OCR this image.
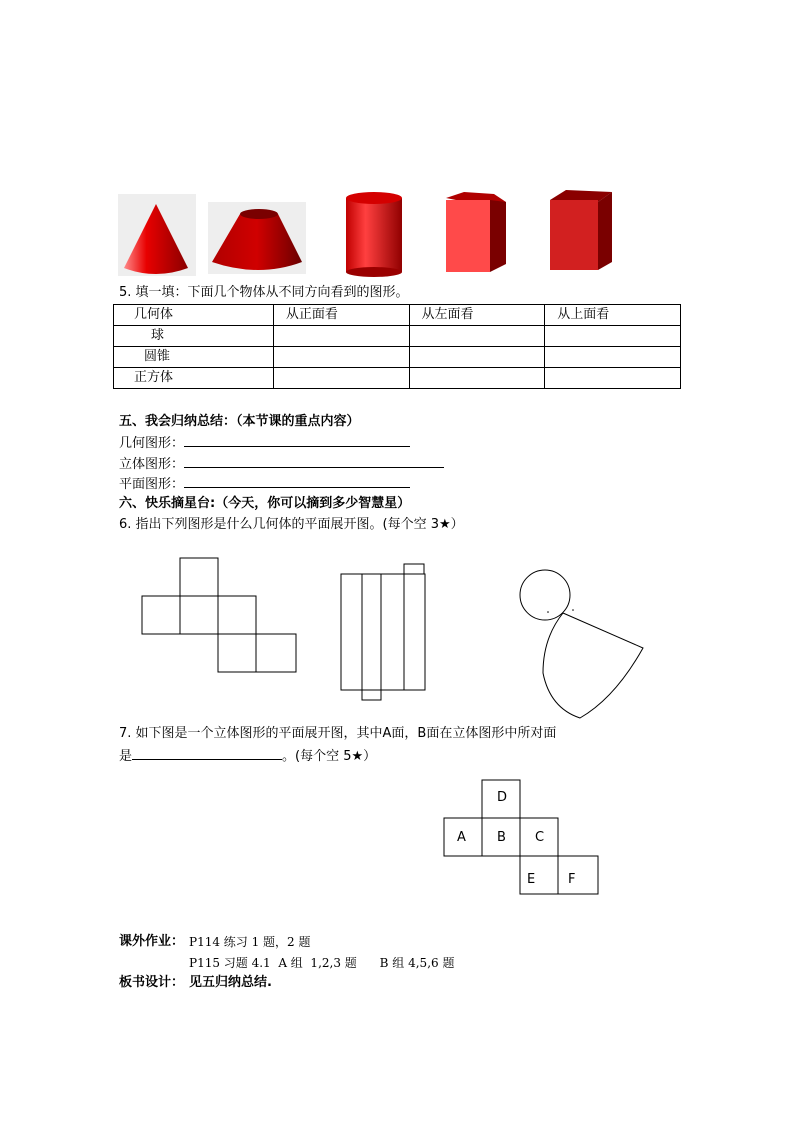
5. 填一填：下面几个物体从不同方向看到的图形。
几何体	从正面看	从左面看	从上面看
球			
圆锥			
正方体			
五、我会归纳总结：（本节课的重点内容）
几何图形：
立体图形：
平面图形：
六、快乐摘星台:（今天，你可以摘到多少智慧星）
6. 指出下列图形是什么几何体的平面展开图。(每个空 3★）
7. 如下图是一个立体图形的平面展开图，其中A面，B面在立体图形中所对面
是	。(每个空 5★）
D
A B C
E	F
课外作业： P114 练习 1 题，2 题
P115 习题 4.1  A 组  1,2,3 题      B 组 4,5,6 题
板书设计： 见五归纳总结.
